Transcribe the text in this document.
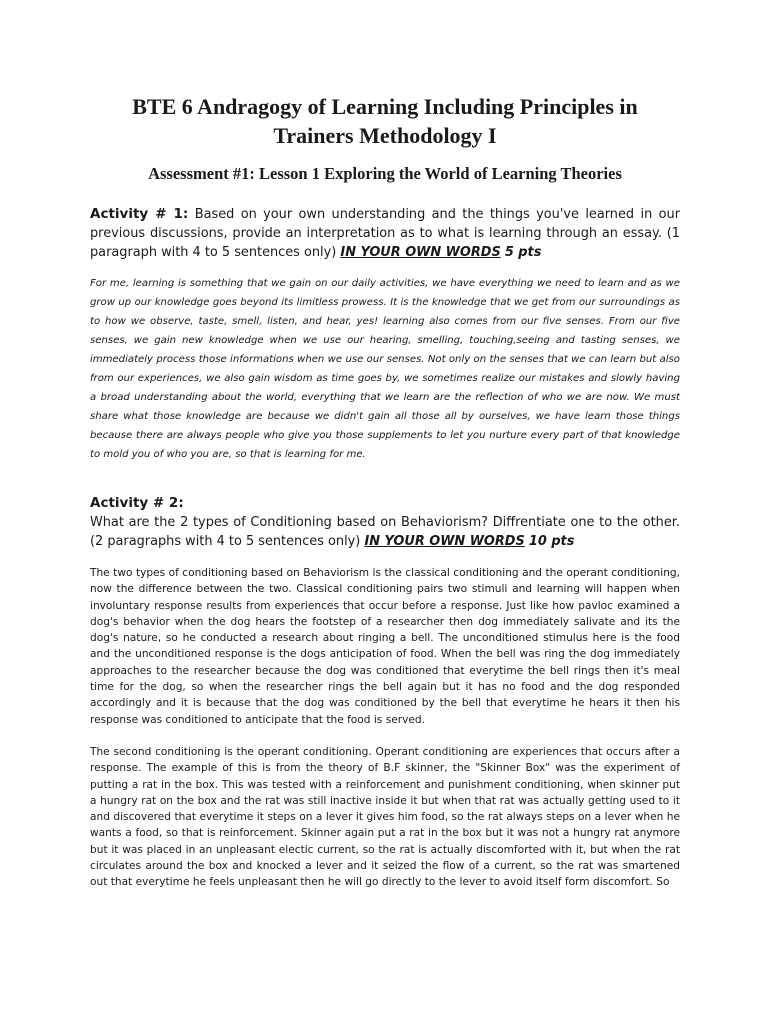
BTE 6 Andragogy of Learning Including Principles in Trainers Methodology I
Assessment #1: Lesson 1 Exploring the World of Learning Theories

Activity # 1: Based on your own understanding and the things you've learned in our previous discussions, provide an interpretation as to what is learning through an essay. (1 paragraph with 4 to 5 sentences only) IN YOUR OWN WORDS 5 pts

For me, learning is something that we gain on our daily activities, we have everything we need to learn and as we grow up our knowledge goes beyond its limitless prowess. It is the knowledge that we get from our surroundings as to how we observe, taste, smell, listen, and hear, yes! learning also comes from our five senses. From our five senses, we gain new knowledge when we use our hearing, smelling, touching,seeing and tasting senses, we immediately process those informations when we use our senses. Not only on the senses that we can learn but also from our experiences, we also gain wisdom as time goes by, we sometimes realize our mistakes and slowly having a broad understanding about the world, everything that we learn are the reflection of who we are now. We must share what those knowledge are because we didn't gain all those all by ourselves, we have learn those things because there are always people who give you those supplements to let you nurture every part of that knowledge to mold you of who you are, so that is learning for me.

Activity # 2:

What are the 2 types of Conditioning based on Behaviorism? Diffrentiate one to the other. (2 paragraphs with 4 to 5 sentences only) IN YOUR OWN WORDS 10 pts

The two types of conditioning based on Behaviorism is the classical conditioning and the operant conditioning, now the difference between the two. Classical conditioning pairs two stimuli and learning will happen when involuntary response results from experiences that occur before a response. Just like how pavloc examined a dog's behavior when the dog hears the footstep of a researcher then dog immediately salivate and its the dog's nature, so he conducted a research about ringing a bell. The unconditioned stimulus here is the food and the unconditioned response is the dogs anticipation of food. When the bell was ring the dog immediately approaches to the researcher because the dog was conditioned that everytime the bell rings then it's meal time for the dog, so when the researcher rings the bell again but it has no food and the dog responded accordingly and it is because that the dog was conditioned by the bell that everytime he hears it then his response was conditioned to anticipate that the food is served.

The second conditioning is the operant conditioning. Operant conditioning are experiences that occurs after a response. The example of this is from the theory of B.F skinner, the "Skinner Box" was the experiment of putting a rat in the box. This was tested with a reinforcement and punishment conditioning, when skinner put a hungry rat on the box and the rat was still inactive inside it but when that rat was actually getting used to it and discovered that everytime it steps on a lever it gives him food, so the rat always steps on a lever when he wants a food, so that is reinforcement. Skinner again put a rat in the box but it was not a hungry rat anymore but it was placed in an unpleasant electic current, so the rat is actually discomforted with it, but when the rat circulates around the box and knocked a lever and it seized the flow of a current, so the rat was smartened out that everytime he feels unpleasant then he will go directly to the lever to avoid itself form discomfort. So
